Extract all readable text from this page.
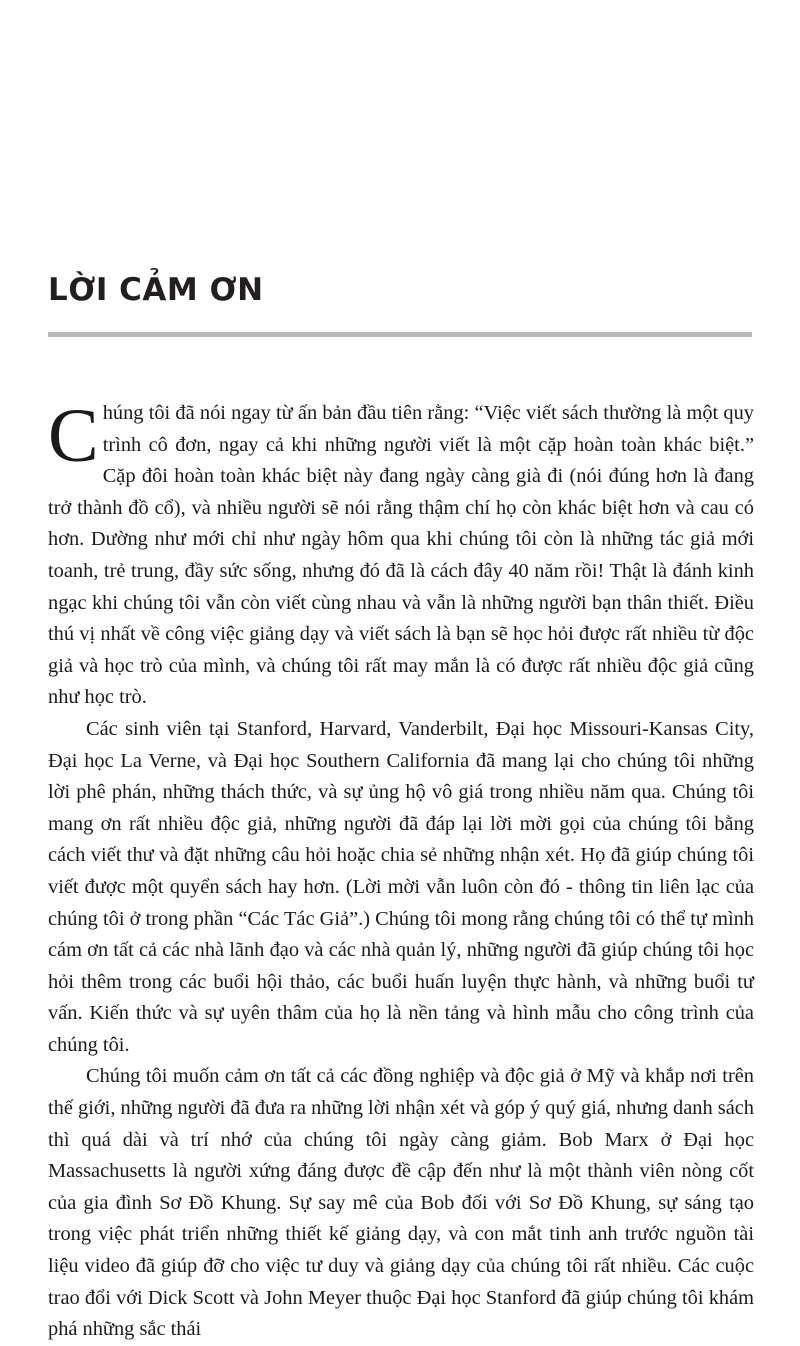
LỜI CẢM ƠN

Chúng tôi đã nói ngay từ ấn bản đầu tiên rằng: “Việc viết sách thường là một quy trình cô đơn, ngay cả khi những người viết là một cặp hoàn toàn khác biệt.” Cặp đôi hoàn toàn khác biệt này đang ngày càng già đi (nói đúng hơn là đang trở thành đồ cổ), và nhiều người sẽ nói rằng thậm chí họ còn khác biệt hơn và cau có hơn. Dường như mới chỉ như ngày hôm qua khi chúng tôi còn là những tác giả mới toanh, trẻ trung, đầy sức sống, nhưng đó đã là cách đây 40 năm rồi! Thật là đánh kinh ngạc khi chúng tôi vẫn còn viết cùng nhau và vẫn là những người bạn thân thiết. Điều thú vị nhất về công việc giảng dạy và viết sách là bạn sẽ học hỏi được rất nhiều từ độc giả và học trò của mình, và chúng tôi rất may mắn là có được rất nhiều độc giả cũng như học trò.

Các sinh viên tại Stanford, Harvard, Vanderbilt, Đại học Missouri-Kansas City, Đại học La Verne, và Đại học Southern California đã mang lại cho chúng tôi những lời phê phán, những thách thức, và sự ủng hộ vô giá trong nhiều năm qua. Chúng tôi mang ơn rất nhiều độc giả, những người đã đáp lại lời mời gọi của chúng tôi bằng cách viết thư và đặt những câu hỏi hoặc chia sẻ những nhận xét. Họ đã giúp chúng tôi viết được một quyển sách hay hơn. (Lời mời vẫn luôn còn đó - thông tin liên lạc của chúng tôi ở trong phần “Các Tác Giả”.) Chúng tôi mong rằng chúng tôi có thể tự mình cám ơn tất cả các nhà lãnh đạo và các nhà quản lý, những người đã giúp chúng tôi học hỏi thêm trong các buổi hội thảo, các buổi huấn luyện thực hành, và những buổi tư vấn. Kiến thức và sự uyên thâm của họ là nền tảng và hình mẫu cho công trình của chúng tôi.

Chúng tôi muốn cảm ơn tất cả các đồng nghiệp và độc giả ở Mỹ và khắp nơi trên thế giới, những người đã đưa ra những lời nhận xét và góp ý quý giá, nhưng danh sách thì quá dài và trí nhớ của chúng tôi ngày càng giảm. Bob Marx ở Đại học Massachusetts là người xứng đáng được đề cập đến như là một thành viên nòng cốt của gia đình Sơ Đồ Khung. Sự say mê của Bob đối với Sơ Đồ Khung, sự sáng tạo trong việc phát triển những thiết kế giảng dạy, và con mắt tinh anh trước nguồn tài liệu video đã giúp đỡ cho việc tư duy và giảng dạy của chúng tôi rất nhiều. Các cuộc trao đổi với Dick Scott và John Meyer thuộc Đại học Stanford đã giúp chúng tôi khám phá những sắc thái
